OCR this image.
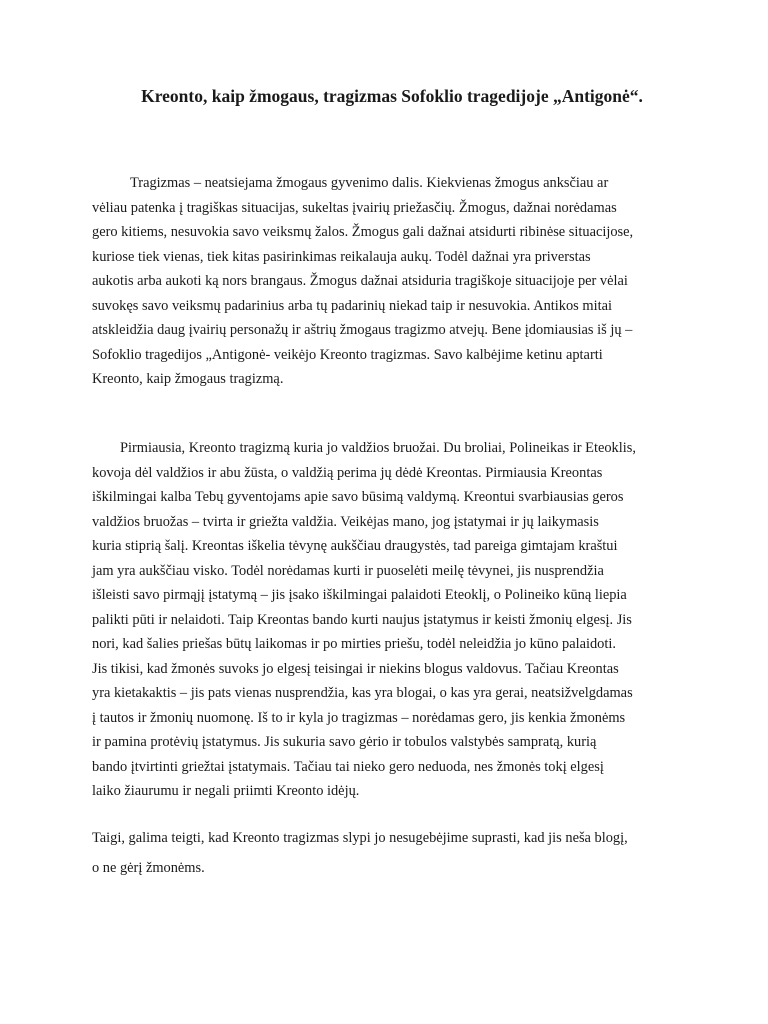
Kreonto, kaip žmogaus, tragizmas Sofoklio tragedijoje „Antigonė“.
Tragizmas – neatsiejama žmogaus gyvenimo dalis. Kiekvienas žmogus anksčiau ar
vėliau patenka į tragiškas situacijas, sukeltas įvairių priežasčių. Žmogus, dažnai norėdamas
gero kitiems, nesuvokia savo veiksmų žalos. Žmogus gali dažnai atsidurti ribinėse situacijose,
kuriose tiek vienas, tiek kitas pasirinkimas reikalauja aukų. Todėl dažnai yra priverstas
aukotis arba aukoti ką nors brangaus. Žmogus dažnai atsiduria tragiškoje situacijoje per vėlai
suvokęs savo veiksmų padarinius arba tų padarinių niekad taip ir nesuvokia. Antikos mitai
atskleidžia daug įvairių personažų ir aštrių žmogaus tragizmo atvejų. Bene įdomiausias iš jų –
Sofoklio tragedijos „Antigonė- veikėjo Kreonto tragizmas. Savo kalbėjime ketinu aptarti
Kreonto, kaip žmogaus tragizmą.
Pirmiausia, Kreonto tragizmą kuria jo valdžios bruožai. Du broliai, Polineikas ir Eteoklis,
kovoja dėl valdžios ir abu žūsta, o valdžią perima jų dėdė Kreontas. Pirmiausia Kreontas
iškilmingai kalba Tebų gyventojams apie savo būsimą valdymą. Kreontui svarbiausias geros
valdžios bruožas – tvirta ir griežta valdžia. Veikėjas mano, jog įstatymai ir jų laikymasis
kuria stiprią šalį. Kreontas iškelia tėvynę aukščiau draugystės, tad pareiga gimtajam kraštui
jam yra aukščiau visko. Todėl norėdamas kurti ir puoselėti meilę tėvynei, jis nusprendžia
išleisti savo pirmąjį įstatymą – jis įsako iškilmingai palaidoti Eteoklį, o Polineiko kūną liepia
palikti pūti ir nelaidoti. Taip Kreontas bando kurti naujus įstatymus ir keisti žmonių elgesį. Jis
nori, kad šalies priešas būtų laikomas ir po mirties priešu, todėl neleidžia jo kūno palaidoti.
Jis tikisi, kad žmonės suvoks jo elgesį teisingai ir niekins blogus valdovus. Tačiau Kreontas
yra kietakaktis – jis pats vienas nusprendžia, kas yra blogai, o kas yra gerai, neatsižvelgdamas
į tautos ir žmonių nuomonę. Iš to ir kyla jo tragizmas – norėdamas gero, jis kenkia žmonėms
ir pamina protėvių įstatymus. Jis sukuria savo gėrio ir tobulos valstybės sampratą, kurią
bando įtvirtinti griežtai įstatymais. Tačiau tai nieko gero neduoda, nes žmonės tokį elgesį
laiko žiaurumu ir negali priimti Kreonto idėjų.
Taigi, galima teigti, kad Kreonto tragizmas slypi jo nesugebėjime suprasti, kad jis neša blogį,
o ne gėrį žmonėms.
